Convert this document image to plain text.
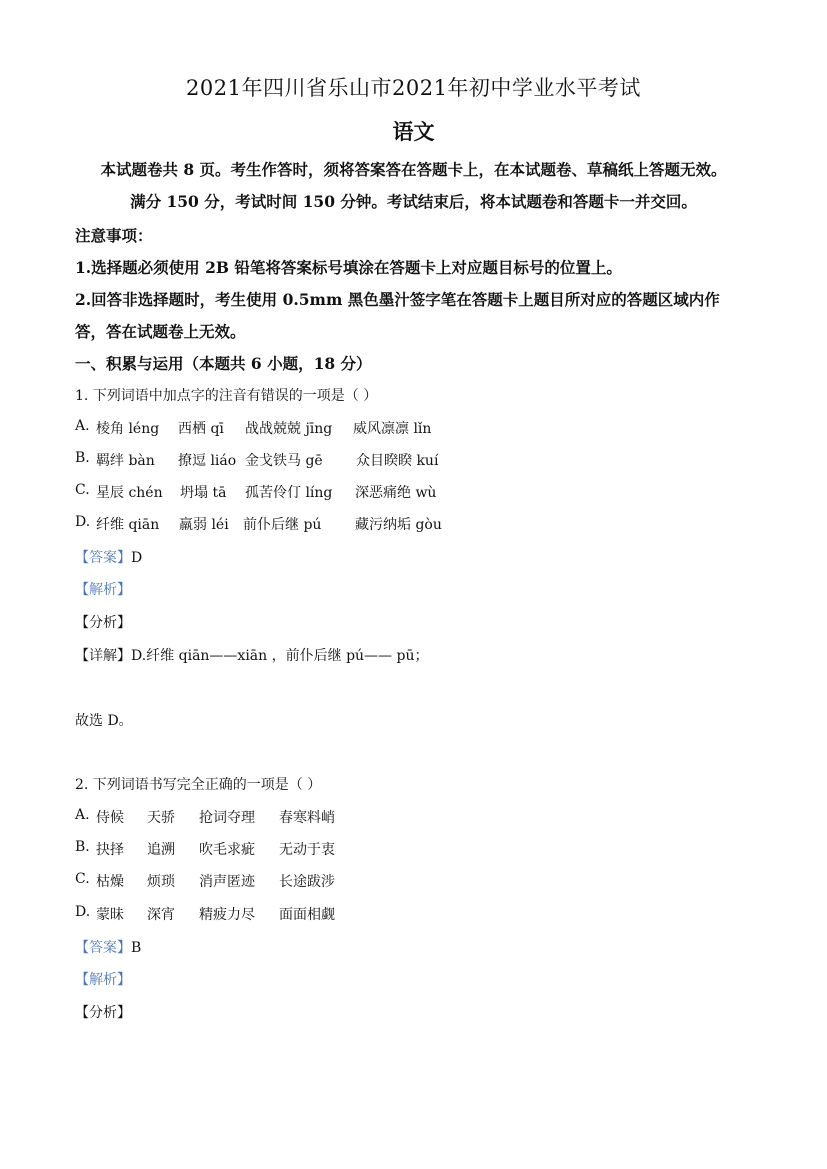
2021年四川省乐山市2021年初中学业水平考试
语文
本试题卷共 8 页。考生作答时，须将答案答在答题卡上，在本试题卷、草稿纸上答题无效。
满分 150 分，考试时间 150 分钟。考试结束后，将本试题卷和答题卡一并交回。
注意事项：
1.选择题必须使用 2B 铅笔将答案标号填涂在答题卡上对应题目标号的位置上。
2.回答非选择题时，考生使用 0.5mm 黑色墨汁签字笔在答题卡上题目所对应的答题区域内作
答，答在试题卷上无效。
一、积累与运用（本题共 6 小题，18 分）
1. 下列词语中加点字的注音有错误的一项是（ ）
A. 棱角 léng 西栖 qī 战战兢兢 jīng 威风凛凛 lǐn
B. 羁绊 bàn 撩逗 liáo 金戈铁马 gē 众目睽睽 kuí
C. 星辰 chén 坍塌 tā 孤苦伶仃 líng 深恶痛绝 wù
D. 纤维 qiān 羸弱 léi 前仆后继 pú 藏污纳垢 gòu
【答案】D
【解析】
【分析】
【详解】D.纤维 qiān——xiān ，前仆后继 pú—— pū；
故选 D。
2. 下列词语书写完全正确的一项是（ ）
A. 侍候 天骄 抢词夺理 春寒料峭
B. 抉择 追溯 吹毛求疵 无动于衷
C. 枯燥 烦琐 消声匿迹 长途跋涉
D. 蒙昧 深宵 精疲力尽 面面相觑
【答案】B
【解析】
【分析】
